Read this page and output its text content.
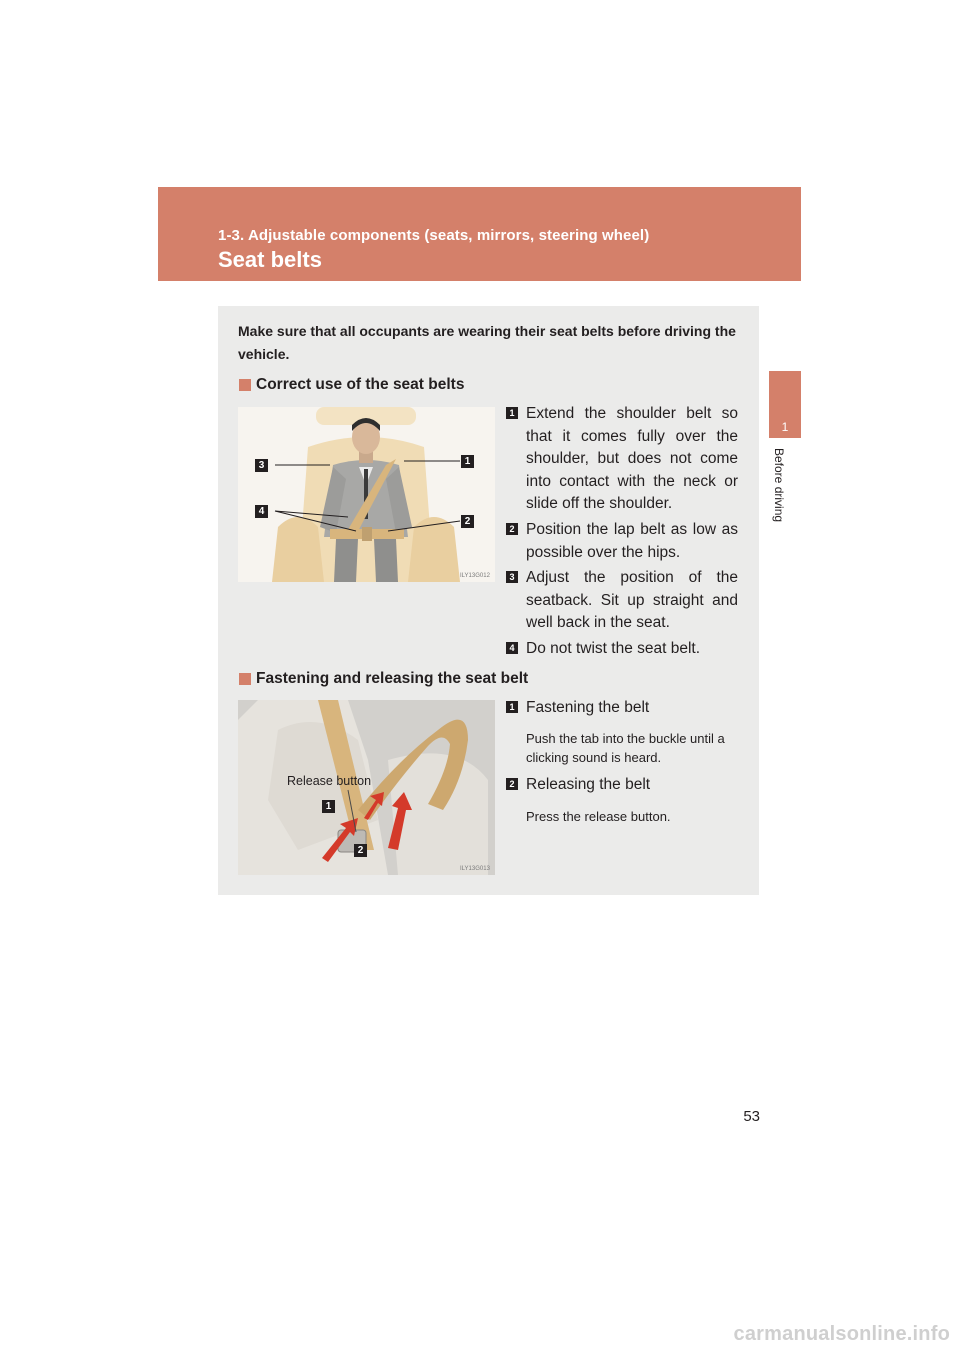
1-3. Adjustable components (seats, mirrors, steering wheel)
Seat belts
1
Before driving
Make sure that all occupants are wearing their seat belts before driving the vehicle.
Correct use of the seat belts
ILY13G012
3	1
4
2
1 Extend the shoulder belt so that it comes fully over the shoulder, but does not come into contact with the neck or slide off the shoulder.
2 Position the lap belt as low as possible over the hips.
3 Adjust the position of the seatback. Sit up straight and well back in the seat.
4 Do not twist the seat belt.
Fastening and releasing the seat belt
ILY13G013
Release button
1
2
1 Fastening the belt
Push the tab into the buckle until a clicking sound is heard.
2 Releasing the belt
Press the release button.
53
carmanualsonline.info
